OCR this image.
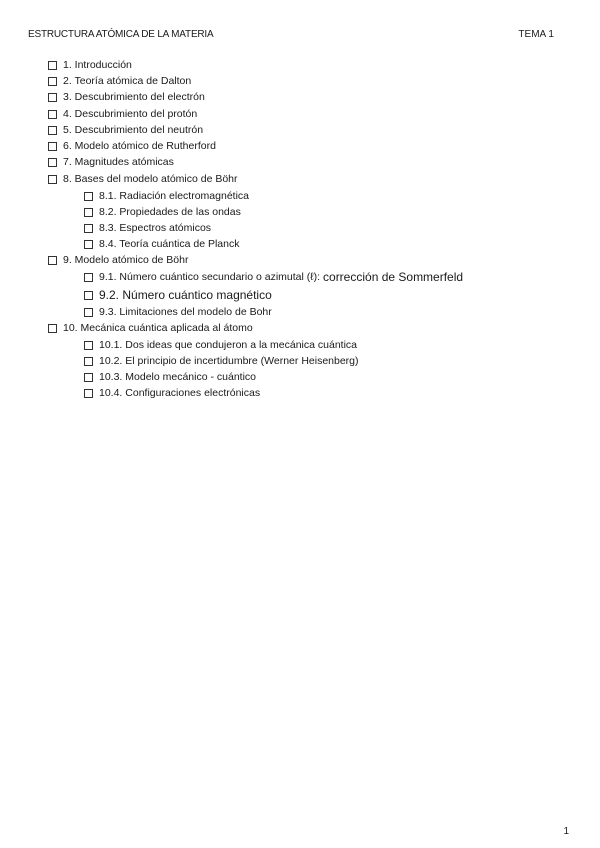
ESTRUCTURA ATÓMICA DE LA MATERIA	TEMA 1
1. Introducción
2. Teoría atómica de Dalton
3. Descubrimiento del electrón
4. Descubrimiento del protón
5. Descubrimiento del neutrón
6. Modelo atómico de Rutherford
7. Magnitudes atómicas
8. Bases del modelo atómico de Böhr
8.1. Radiación electromagnética
8.2. Propiedades de las ondas
8.3. Espectros atómicos
8.4. Teoría cuántica de Planck
9. Modelo atómico de Böhr
9.1. Número cuántico secundario o azimutal (ℓ):
corrección de Sommerfeld
9.2. Número cuántico magnético
9.3. Limitaciones del modelo de Bohr
10. Mecánica cuántica aplicada al átomo
10.1. Dos ideas que condujeron a la mecánica cuántica
10.2. El principio de incertidumbre (Werner Heisenberg)
10.3. Modelo mecánico - cuántico
10.4. Configuraciones electrónicas
1
